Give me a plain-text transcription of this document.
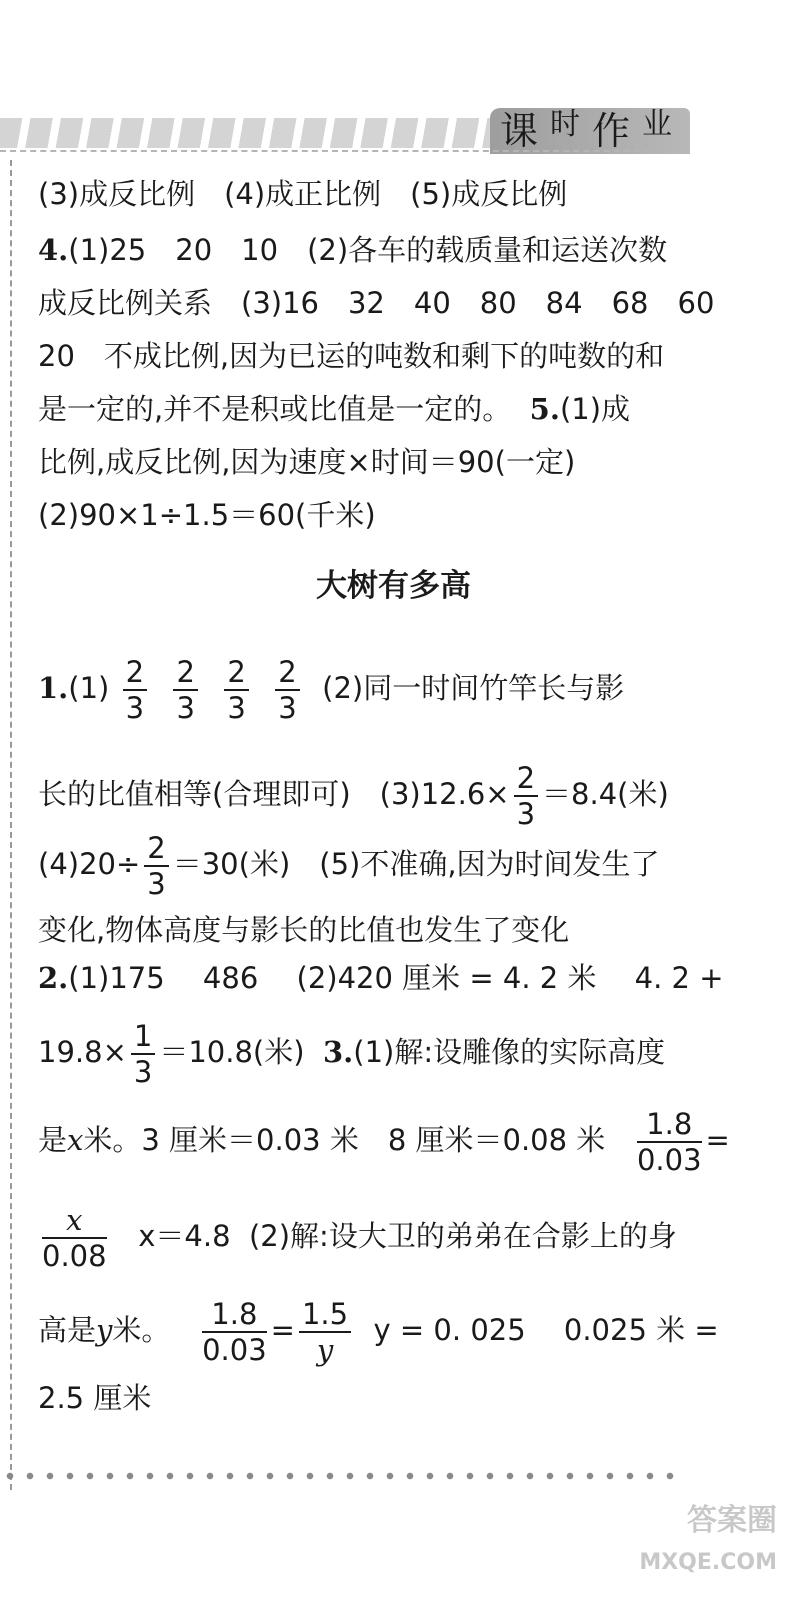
课$^时$作$^业$
(3)成反比例　(4)成正比例　(5)成反比例
4.(1)25　20　10　(2)各车的载质量和运送次数
成反比例关系　(3)16　32　40　80　84　68　60
20　不成比例,因为已运的吨数和剩下的吨数的和
是一定的,并不是积或比值是一定的。 5.(1)成
比例,成反比例,因为速度×时间＝90(一定)
(2)90×1÷1.5＝60(千米)
大树有多高
$1.(1) \frac{2}{3}$
$\frac{2}{3}$
$\frac{2}{3}$
$\frac{2}{3} (2)$同一时间竹竿长与影
长的比值相等(合理即可)　$(3)12.6\times \frac{2}{3} =8.4$(米)
$(4)20\div \frac{2}{3} =30$(米)　(5)不准确,因为时间发生了
变化,物体高度与影长的比值也发生了变化
2.(1)175　 486　 (2)420 厘米 = 4. 2 米　 4. 2 +
$19.8\times \frac{1}{3} =10.8$(米) 3.(1)解:设雕像的实际高度
是x米。3 厘米＝0.03 米　8 厘米＝0.08 米 $\frac{1.8}{0.03}$ =
$\frac{x}{0.08} x=4.8$ (2)解:设大卫的弟弟在合影上的身
高是y米。 $\frac{1.8}{0.03} = \frac{1.5}{y}$ y = 0. 025　 0.025 米 =
2.5 厘米
答案圈
MXQE.COM
